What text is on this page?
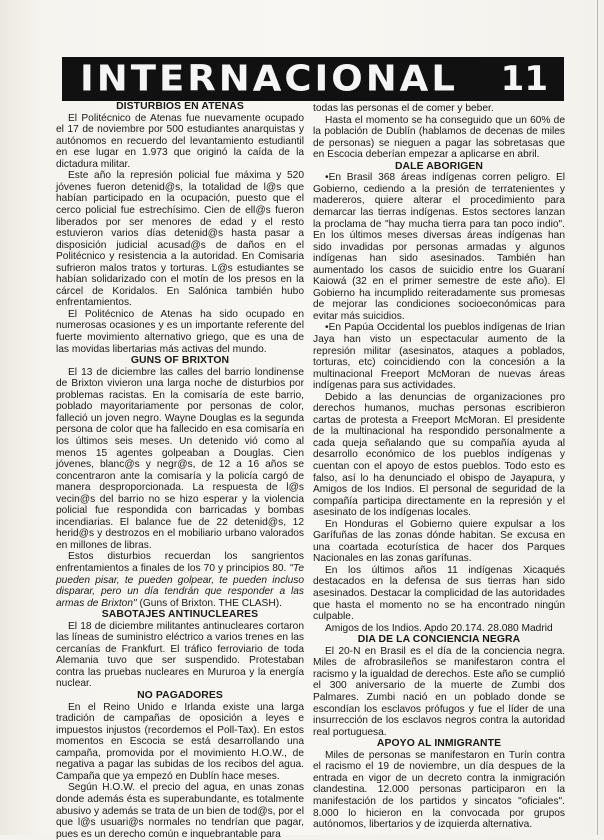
INTERNACIONAL 11
DISTURBIOS EN ATENAS

El Politécnico de Atenas fue nuevamente ocupado el 17 de noviembre por 500 estudiantes anarquistas y autónomos en recuerdo del levantamiento estudiantil en ese lugar en 1.973 que originó la caída de la dictadura militar.

Este año la represión policial fue máxima y 520 jóvenes fueron detenid@s, la totalidad de l@s que habían participado en la ocupación, puesto que el cerco policial fue estrechísimo. Cien de ell@s fueron liberados por ser menores de edad y el resto estuvieron varios días detenid@s hasta pasar a disposición judicial acusad@s de daños en el Politécnico y resistencia a la autoridad. En Comisaria sufrieron malos tratos y torturas. L@s estudiantes se habían solidarizado con el motín de los presos en la cárcel de Koridalos. En Salónica también hubo enfrentamientos.

El Politécnico de Atenas ha sido ocupado en numerosas ocasiones y es un importante referente del fuerte movimiento alternativo griego, que es una de las movidas libertarias más activas del mundo.

GUNS OF BRIXTON

El 13 de diciembre las calles del barrio londinense de Brixton vivieron una larga noche de disturbios por problemas racistas. En la comisaría de este barrio, poblado mayoritariamente por personas de color, falleció un joven negro. Wayne Douglas es la segunda persona de color que ha fallecido en esa comisaría en los últimos seis meses. Un detenido vió como al menos 15 agentes golpeaban a Douglas. Cien jóvenes, blanc@s y negr@s, de 12 a 16 años se concentraron ante la comisaría y la policía cargó de manera desproporcionada. La respuesta de l@s vecin@s del barrio no se hizo esperar y la violencia policial fue respondida con barricadas y bombas incendiarias. El balance fue de 22 detenid@s, 12 herid@s y destrozos en el mobiliario urbano valorados en millones de libras.

Estos disturbios recuerdan los sangrientos enfrentamientos a finales de los 70 y principios 80. "Te pueden pisar, te pueden golpear, te pueden incluso disparar, pero un día tendrán que responder a las armas de Brixton" (Guns of Brixton. THE CLASH).

SABOTAJES ANTINUCLEARES

El 18 de diciembre militantes antinucleares cortaron las líneas de suministro eléctrico a varios trenes en las cercanías de Frankfurt. El tráfico ferroviario de toda Alemania tuvo que ser suspendido. Protestaban contra las pruebas nucleares en Mururoa y la energía nuclear.

NO PAGADORES

En el Reino Unido e Irlanda existe una larga tradición de campañas de oposición a leyes e impuestos injustos (recordemos el Poll-Tax). En estos momentos en Escocia se está desarrollando una campaña, promovida por el movimiento H.O.W., de negativa a pagar las subidas de los recibos del agua. Campaña que ya empezó en Dublín hace meses.

Según H.O.W. el precio del agua, en unas zonas donde además ésta es superabundante, es totalmente abusivo y además se trata de un bien de tod@s, por el que l@s usuari@s normales no tendrían que pagar, pues es un derecho común e inquebrantable para

todas las personas el de comer y beber.

Hasta el momento se ha conseguido que un 60% de la población de Dublín (hablamos de decenas de miles de personas) se nieguen a pagar las sobretasas que en Escocia deberían empezar a aplicarse en abril.

DALE ABORIGEN

•En Brasil 368 áreas indígenas corren peligro. El Gobierno, cediendo a la presión de terratenientes y madereros, quiere alterar el procedimiento para demarcar las tierras indígenas. Estos sectores lanzan la proclama de "hay mucha tierra para tan poco indio". En los últimos meses diversas áreas indígenas han sido invadidas por personas armadas y algunos indígenas han sido asesinados. También han aumentado los casos de suicidio entre los Guaraní Kaiowá (32 en el primer semestre de este año). El Gobierno ha incumplido reiteradamente sus promesas de mejorar las condiciones socioeconómicas para evitar más suicidios.

•En Papúa Occidental los pueblos indígenas de Irian Jaya han visto un espectacular aumento de la represión militar (asesinatos, ataques a poblados, torturas, etc) coincidiendo con la concesión a la multinacional Freeport McMoran de nuevas áreas indígenas para sus actividades.

Debido a las denuncias de organizaciones pro derechos humanos, muchas personas escribieron cartas de protesta a Freeport McMoran. El presidente de la multinacional ha respondido personalmente a cada queja señalando que su compañía ayuda al desarrollo económico de los pueblos indígenas y cuentan con el apoyo de estos pueblos. Todo esto es falso, así lo ha denunciado el obispo de Jayapura, y Amigos de los Indios. El personal de seguridad de la compañía participa directamente en la represión y el asesinato de los indígenas locales.

En Honduras el Gobierno quiere expulsar a los Garífuñas de las zonas dónde habitan. Se excusa en una coartada ecoturística de hacer dos Parques Nacionales en las zonas garífunas.

En los últimos años 11 indígenas Xicaqués destacados en la defensa de sus tierras han sido asesinados. Destacar la complicidad de las autoridades que hasta el momento no se ha encontrado ningún culpable.

Amigos de los Indios. Apdo 20.174. 28.080 Madrid

DIA DE LA CONCIENCIA NEGRA

El 20-N en Brasil es el día de la conciencia negra. Miles de afrobrasileños se manifestaron contra el racismo y la igualdad de derechos. Este año se cumplió el 300 aniversario de la muerte de Zumbi dos Palmares. Zumbi nació en un poblado donde se escondían los esclavos prófugos y fue el líder de una insurrección de los esclavos negros contra la autoridad real portuguesa.

APOYO AL INMIGRANTE

Miles de personas se manifestaron en Turín contra el racismo el 19 de noviembre, un día despues de la entrada en vigor de un decreto contra la inmigración clandestina. 12.000 personas participaron en la manifestación de los partidos y sincatos "oficiales". 8.000 lo hicieron en la convocada por grupos autónomos, libertarios y de izquierda alternativa.
